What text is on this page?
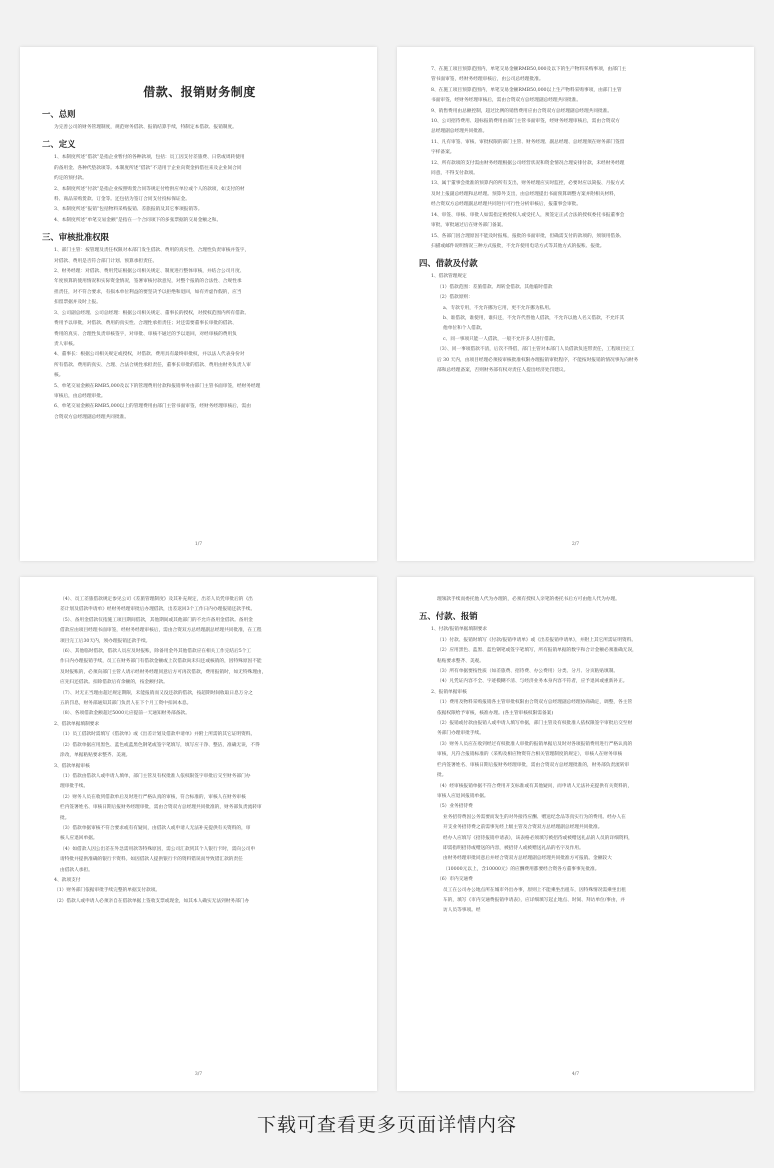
借款、报销财务制度
一、总则
为完善公司的财务管理制度，规范财务借款、报销结算手续，特制定本借款、报销制度。
二、定义
1、本制度所述“借款”是指企业暂付的各种款项，包括：员工因支付差旅费、日常或周转使用
的备用金、各种代垫款项等。本制度所述“借款”不适用于企业向资金拆借往来及企业间合同
约定的预付款。
2、本制度所述“付款”是指企业按照购货合同等规定付给供应单位或个人的款项，如支付的材
料、商品采购货款、订金等。还包括为签订合同支付投标保证金。
3、本制度所述“报销”包括物料采购报销、差旅报销及其它事项报销等。
4、本制度所述“单笔交易金额”是指在一个合同项下的多张票据的交易金额之和。
三、审核批准权限
1、部门主管：按管理及责任权限对本部门发生借款、费用的真实性、合理性负责审核并签字，
对借款、费用是否符合部门计划、预算承担责任。
2、财务经理：对借款、费用凭证根据公司相关规定、制度进行整体审核，并结合公司月度、
年度预算的使用情况和实际资金情况，签署审核付款意见，对整个报销的合法性、合规性承
担责任，对不符合要求，有损本单位利益的要坚决予以拒绝和退回，如有弄虚作假的，应当
扣留票据并及时上报。
3、公司副总经理、公司总经理：根据公司相关规定、董事长的授权，对授权范围内所有借款、
费用予以审批，对借款、费用的真实性、合理性承担责任；对还需要董事长审批的借款、
费用的真实、合理性负责审核签字，对审批、审核不通过的予以退回，对经审核的费用负
责人审核。
4、董事长：根据公司相关规定或授权，对借款、费用具有最终审批权，并以法人代表身份对
所有借款、费用的真实、合理、合法合规性承担责任，董事长审批的借款、费用由财务负责人审
核。
5、单笔交易金额在RMB5,000及以下的管理费用付款和报销事务由部门主管书面审签，经财务经理
审核后，由总经理审批。
6、单笔交易金额在RMB5,000以上的管理费用由部门主管书面审签，经财务经理审核后，需由
合资双方总经理副总经理共同批准。
1/7
7、在施工项目预算范围内，单笔交易金额RMB50,000及以下的生产物料采购事项，由部门主
管书面审签，经财务经理审核后，由公司总经理批准。
8、在施工项目预算范围内，单笔交易金额RMB50,000以上生产物料采购事项，由部门主管
书面审签，经财务经理审核后，需由合资双方总经理副总经理共同批准。
9、销售费用由总额控制，超过比例的销售费用应由合资双方总经理副总经理共同批准。
10、公司招待费用、超标报销费用由部门主管书面审签，经财务经理审核后，需由合资双方
总经理副总经理共同批准。
11、凡有审签、审核、审批权限的部门主管、财务经理、副总经理、总经理须在财务部门签留
字样备案。
12、所有款项的支付需由财务经理根据公司经营状况和资金情况合理安排付款，未经财务经理
同意，不得支付款项。
13、属于董事会批准的预算内的所有支出，财务经理应实时监控，必要时应以简报、月报方式
及时上报副总经理和总经理。预算外支出，由总经理提出书面预算调整方案并附相关材料，
经合资双方总经理副总经理共同进行可行性分析审核后，报董事会审批。
14、审签、审核、审批人如需指定被授权人或受托人，须签定正式合法的授权委托书报董事会
审批，审批通过后在财务部门备案。
15、各部门因合理原因不能及时报账，报批的书面审批，但确需支付的款项的，须领用借条、
扫描或邮件说明情况三种方式报批，不允许使用电话方式等其他方式的报账、报批。
四、借款及付款
1、借款管理规定
（1）借款范围：差旅借款、周转金借款、其他临时借款
（2）借款原则：
a、专款专用，不允许挪为它用，更不允许挪为私用。
b、谁借款，谁使用，谁归还，不允许代替他人借款，不允许以他人名义借款，不允许其
他单位和个人借款。
c、同一事项只能一人借款，一般不允许多人进行借款。
（3）、同一事项借款不清，后次不得借，部门主管对本部门人员借款负连带责任，工程项目完工
后 30 天内，由项目经理必须按审核批准权限办理报销审批程序，不能按时报销的情况事先向财务
部和总经理备案，否则财务部有权对责任人提出经济处罚建议。
2/7
（4）、员工差旅借款规定参见公司《差旅管理制度》及其补充规定，出差人员凭审批后的《出
差计划及借款申请单》经财务经理审批后办理借款，出差返回3个工作日内办理报销还款手续。
（5）、备用金借款仅指施工项目期间借款，其他期间或其他部门的不允许备用金借款。备用金
借款应由项目经理书面审签，经财务经理审核后，需由合资双方总经理副总经理共同批准，在工程
项目完工后30天内，须办理报销还款手续。
（6）、其他临时借款，借款人员应及时报账，除备用金外其他借款应在相关工作完结后5个工
作日内办理报销手续，员工在财务部门有借款金额或上次借款尚未归还或核销的，因特殊原因不能
及时报账的，必须向部门主管人请示经财务经理同意后方可再次借款，费用报销时，如无特殊理由，
应先归还借款。扣除借款后有余额的，按金额付款。
（7）、对无正当理由超过规定期限，未能报销而又没还款的借款，按超期时间收取日息万分之
五的罚息，财务部通知其部门负责人在下个月工资中扣回本息。
（8）、各项借款金额超过5000元应提前一天通知财务部备款。
2、借款单据填制要求
（1）员工借款时需填写《借款单》或《出差计划及借款申请单》并附上所需的其它证明资料。
（2）借款单据应用黑色、蓝色或蓝黑色钢笔或签字笔填写，填写应干净、整洁，准确无误，不得
涂改，单据粘贴要求整齐、美观。
3、借款单据审核
（1）借款由借款人或申请人填单，部门主管及有权批准人依权限签字审批后交至财务部门办
理审批手续。
（2）财务人员在收到借款单后及时进行严格认真的审核，符合标准的，审核人在财务审核
栏内签署姓名、审核日期后报财务经理审批，需由合资双方总经理共同批准的，财务部负责流转审
批。
（3）借款单据审核不符合要求或有有疑问，由借款人或申请人无法补充提供有关资料的，审
核人应退回单据。
（4）如借款人因公出差在外急需用款等特殊原因，需公司汇款到其个人银行卡时，需向公司申
请特批并提供准确的银行卡资料。如因借款人提供银行卡的资料错误而导致错汇款的责任
由借款人承担。
4、款项支付
（1）财务部门依据审批手续完整的单据支付款项。
（2）借款人或申请人必须亲自在借款单据上签收支票或现金，如其本人确实无法到财务部门办
3/7
理领款手续而委托他人代为办理的，必须有授权人亲笔的委托书后方可由他人代为办理。
五、付款、报销
1、付款/报销单据填制要求
（1）付款、报销时填写《付款/报销申请单》或《出差报销申请单》，并附上其它所需证明资料。
（2）应用黑色、蓝黑、蓝色钢笔或签字笔填写，所有报销单据的数字和合计金额必须准确无误，
粘贴要求整齐、美观。
（3）所有单据要按性质（如差旅费、招待费、办公费用）分类、分月、分页粘贴填制。
（4）凡凭证内容不全、字迹模糊不清、与经济业务本身内容不符者，应予退回或重新补正。
2、报销单据审核
（1）费用及物料采购报销各主管审批权限由合资双方总经理副总经理协商确定，调整，各主管
依据权限给予审核，核准办理。(各主管审核权限需备案)
（2）报销或付款由报销人或申请人填写单据，部门主管及有权批准人依权限签字审批后交至财
务部门办理审批手续。
（3）财务人员应在收到经过有权批准人审批的报销单据后及时对各项报销费用进行严格认真的
审核，凡符合报销标准的（采购及相应物资符合相关管理制度的规定），审核人在财务审核
栏内签署姓名、审核日期后报财务经理审批，需由合资双方总经理批准的，财务部负责流转审
批。
（4）经审核报销单据不符合费用开支标准或有其他疑问，而申请人无法补充提供有关资料的，
审核人应退回报销单据。
（5）业务招待费
业务招待费因公务需要而发生的对外接待应酬、赠送纪念品等真实行为的费用。经办人在
开支业务招待费之前需事先经上级主管及合资双方总经理副总经理共同批准。
经办人应填写《招待报销申请表》，该表格必须填写被招待或被赠送礼品的人员的详细资料，
即需指明招待或赠送的内容，被招待人或被赠送礼品的名字及作用。
由财务经理审批同意后并经合资双方总经理副总经理共同批准方可报销。金额较大
（10000元以上，含10000元）的应酬费用都要经合资各方董事事先批准。
（6）市内交通费
员工在公司办公地点所在城市外出办事，原则上不能乘坐出租车，因特殊情况需乘坐出租
车的，填写《市内交通费报销申请表》，应详细填写起止地点、时间、拜访单位/事由，并
访人员等事项。经
4/7
下载可查看更多页面详情内容
